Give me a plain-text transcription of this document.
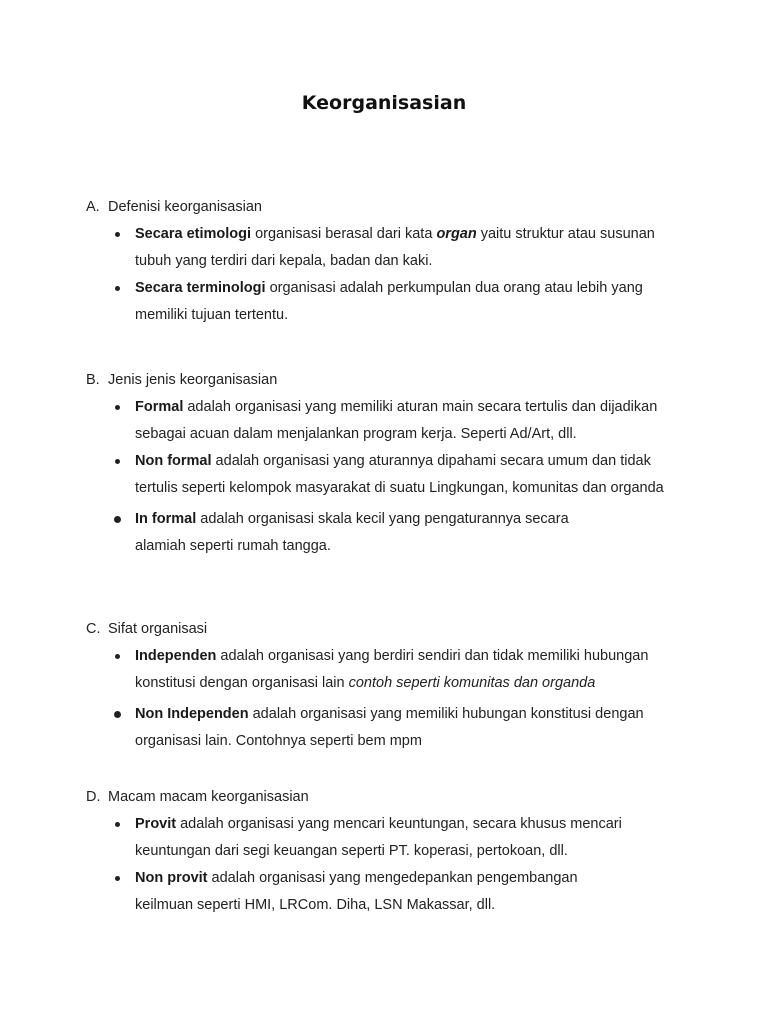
Keorganisasian
A. Defenisi keorganisasian
Secara etimologi organisasi berasal dari kata organ yaitu struktur atau susunan tubuh yang terdiri dari kepala, badan dan kaki.
Secara terminologi organisasi adalah perkumpulan dua orang atau lebih yang memiliki tujuan tertentu.
B. Jenis jenis keorganisasian
Formal adalah organisasi yang memiliki aturan main secara tertulis dan dijadikan sebagai acuan dalam menjalankan program kerja. Seperti Ad/Art, dll.
Non formal adalah organisasi yang aturannya dipahami secara umum dan tidak tertulis seperti kelompok masyarakat di suatu Lingkungan, komunitas dan organda
In formal adalah organisasi skala kecil yang pengaturannya secara alamiah seperti rumah tangga.
C. Sifat organisasi
Independen adalah organisasi yang berdiri sendiri dan tidak memiliki hubungan konstitusi dengan organisasi lain contoh seperti komunitas dan organda
Non Independen adalah organisasi yang memiliki hubungan konstitusi dengan organisasi lain. Contohnya seperti bem mpm
D. Macam macam keorganisasian
Provit adalah organisasi yang mencari keuntungan, secara khusus mencari keuntungan dari segi keuangan seperti PT. koperasi, pertokoan, dll.
Non provit adalah organisasi yang mengedepankan pengembangan keilmuan seperti HMI, LRCom. Diha, LSN Makassar, dll.
